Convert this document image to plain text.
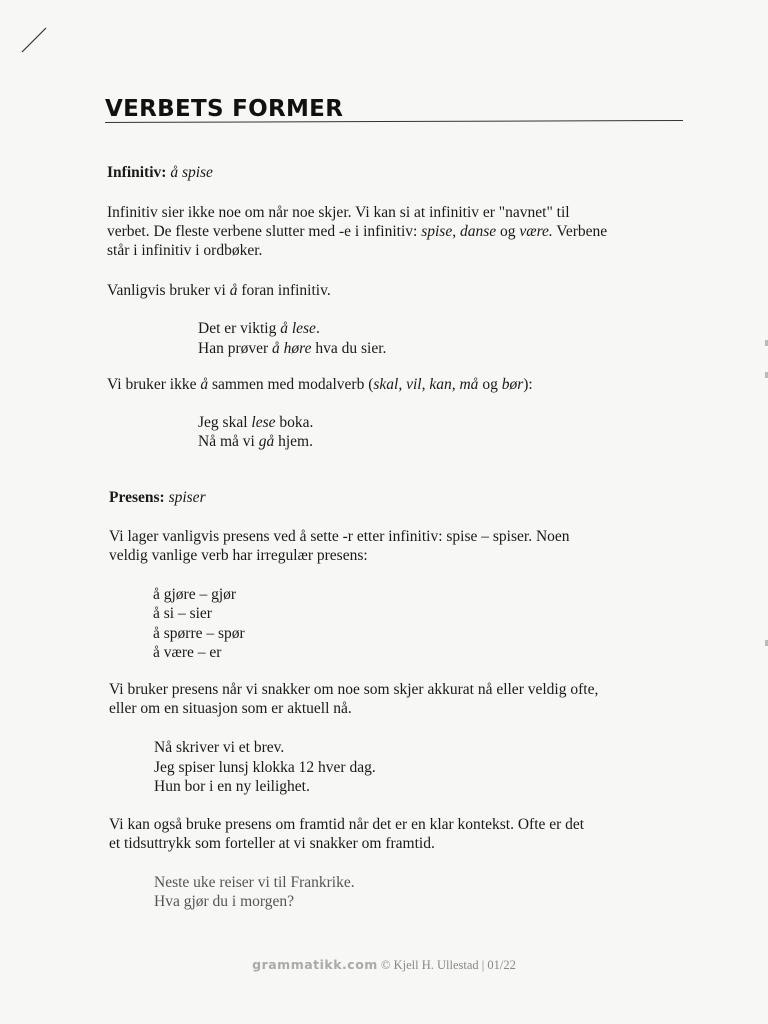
VERBETS FORMER
Infinitiv: å spise
Infinitiv sier ikke noe om når noe skjer. Vi kan si at infinitiv er "navnet" til
verbet. De fleste verbene slutter med -e i infinitiv: spise, danse og være. Verbene
står i infinitiv i ordbøker.
Vanligvis bruker vi å foran infinitiv.
Det er viktig å lese.
Han prøver å høre hva du sier.
Vi bruker ikke å sammen med modalverb (skal, vil, kan, må og bør):
Jeg skal lese boka.
Nå må vi gå hjem.
Presens: spiser
Vi lager vanligvis presens ved å sette -r etter infinitiv: spise – spiser. Noen
veldig vanlige verb har irregulær presens:
å gjøre – gjør
å si – sier
å spørre – spør
å være – er
Vi bruker presens når vi snakker om noe som skjer akkurat nå eller veldig ofte,
eller om en situasjon som er aktuell nå.
Nå skriver vi et brev.
Jeg spiser lunsj klokka 12 hver dag.
Hun bor i en ny leilighet.
Vi kan også bruke presens om framtid når det er en klar kontekst. Ofte er det
et tidsuttrykk som forteller at vi snakker om framtid.
Neste uke reiser vi til Frankrike.
Hva gjør du i morgen?
grammatikk.com © Kjell H. Ullestad | 01/22
